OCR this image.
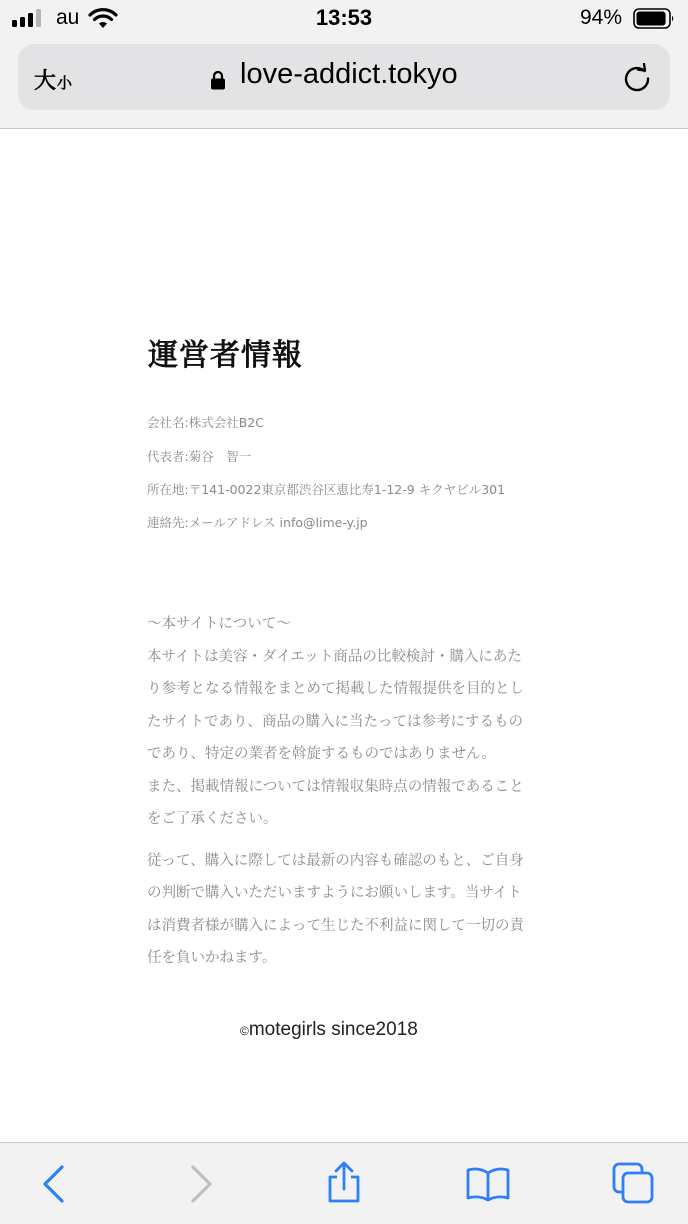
au	13:53	94%
大 小	love-addict.tokyo
運営者情報
会社名:株式会社B2C
代表者:菊谷　智一
所在地:〒141-0022東京都渋谷区恵比寿1-12-9 キクヤビル301
連絡先:メールアドレス info@lime-y.jp
〜本サイトについて〜
本サイトは美容・ダイエット商品の比較検討・購入にあたり参考となる情報をまとめて掲載した情報提供を目的としたサイトであり、商品の購入に当たっては参考にするものであり、特定の業者を斡旋するものではありません。

また、掲載情報については情報収集時点の情報であることをご了承ください。

従って、購入に際しては最新の内容も確認のもと、ご自身の判断で購入いただいますようにお願いします。当サイトは消費者様が購入によって生じた不利益に関して一切の責任を負いかねます。

©motegirls since2018
